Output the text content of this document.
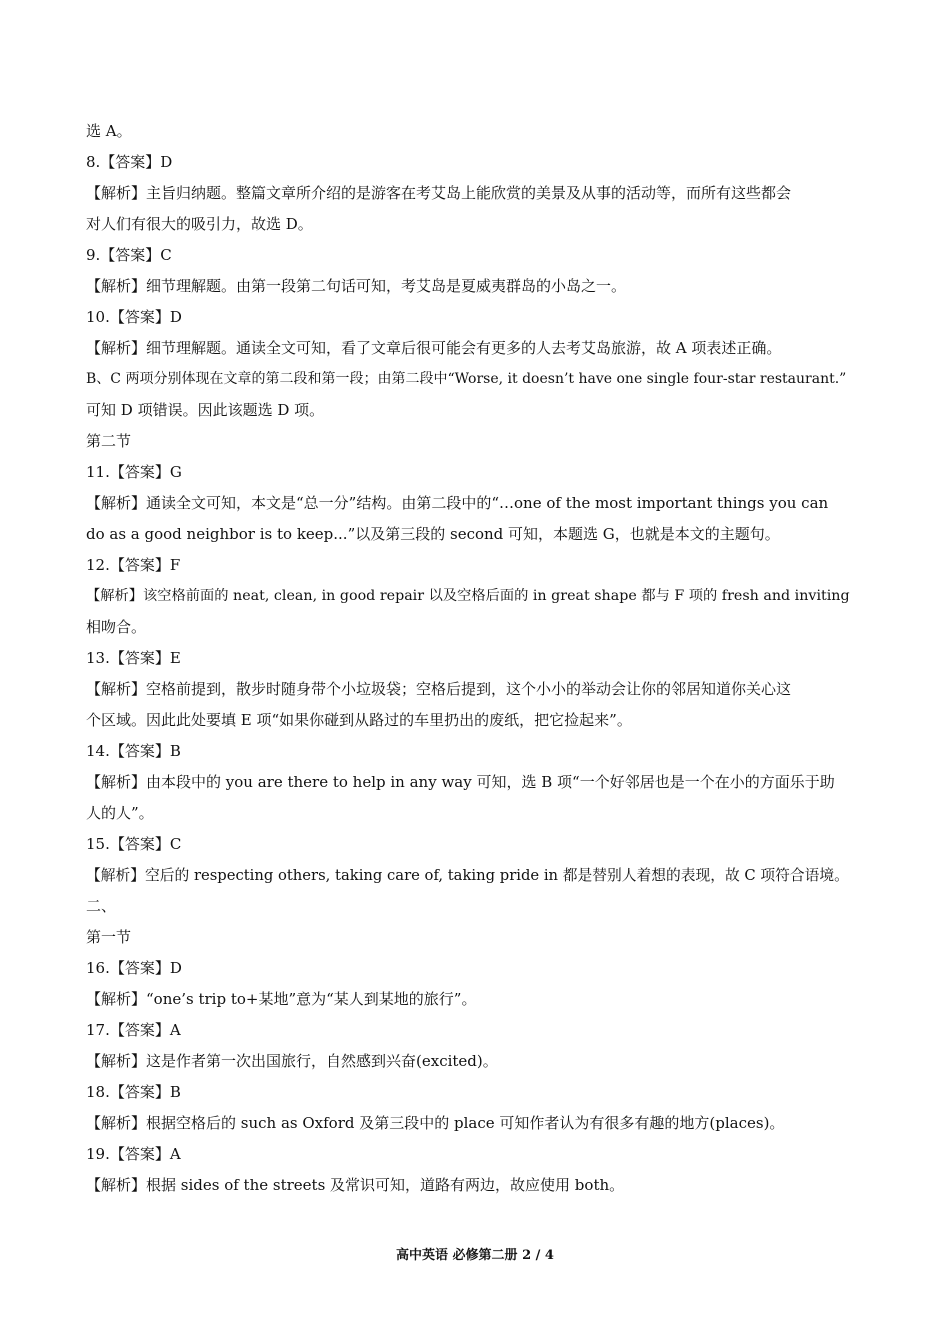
选 A。
8.【答案】D
【解析】主旨归纳题。整篇文章所介绍的是游客在考艾岛上能欣赏的美景及从事的活动等，而所有这些都会
对人们有很大的吸引力，故选 D。
9.【答案】C
【解析】细节理解题。由第一段第二句话可知，考艾岛是夏威夷群岛的小岛之一。
10.【答案】D
【解析】细节理解题。通读全文可知，看了文章后很可能会有更多的人去考艾岛旅游，故 A 项表述正确。
B、C 两项分别体现在文章的第二段和第一段；由第二段中“Worse, it doesn’t have one single four-star restaurant.”
可知 D 项错误。因此该题选 D 项。
第二节
11.【答案】G
【解析】通读全文可知，本文是“总一分”结构。由第二段中的“…one of the most important things you can
do as a good neighbor is to keep...”以及第三段的 second 可知，本题选 G，也就是本文的主题句。
12.【答案】F
【解析】该空格前面的 neat, clean, in good repair 以及空格后面的 in great shape 都与 F 项的 fresh and inviting
相吻合。
13.【答案】E
【解析】空格前提到，散步时随身带个小垃圾袋；空格后提到，这个小小的举动会让你的邻居知道你关心这
个区域。因此此处要填 E 项“如果你碰到从路过的车里扔出的废纸，把它捡起来”。
14.【答案】B
【解析】由本段中的 you are there to help in any way 可知，选 B 项“一个好邻居也是一个在小的方面乐于助
人的人”。
15.【答案】C
【解析】空后的 respecting others, taking care of, taking pride in 都是替别人着想的表现，故 C 项符合语境。
二、
第一节
16.【答案】D
【解析】“one’s trip to+某地”意为“某人到某地的旅行”。
17.【答案】A
【解析】这是作者第一次出国旅行，自然感到兴奋(excited)。
18.【答案】B
【解析】根据空格后的 such as Oxford 及第三段中的 place 可知作者认为有很多有趣的地方(places)。
19.【答案】A
【解析】根据 sides of the streets 及常识可知，道路有两边，故应使用 both。
高中英语 必修第二册 2 / 4
